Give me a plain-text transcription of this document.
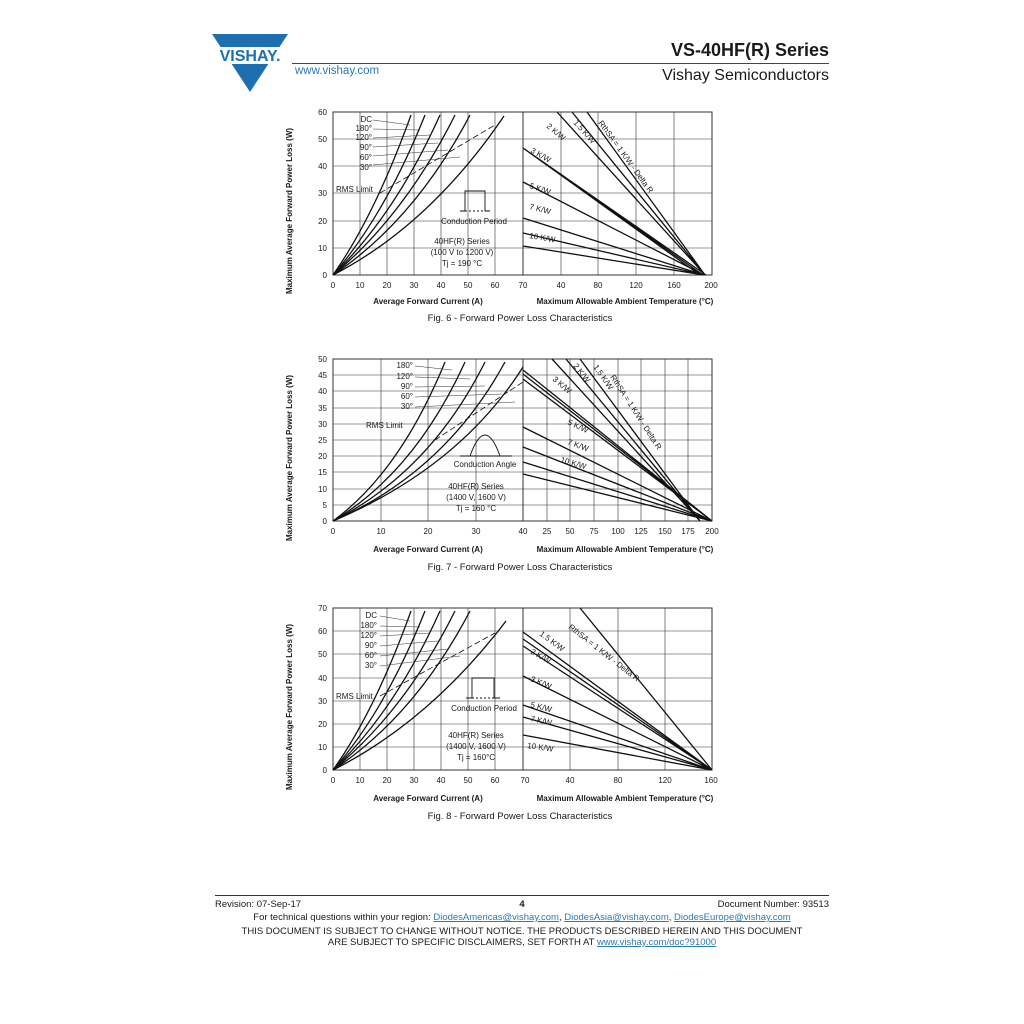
VISHAY.
www.vishay.com
VS-40HF(R) Series
Vishay Semiconductors
Maximum Average Forward Power Loss (W)	0
10
20
30
40
50
60
0	10 20 30 40 50 60 70	40	80	120	160	200
Average Forward Current (A)	Maximum Allowable Ambient Temperature (°C)
DC
180°
120°
90°
60°
30°
RMS Limit
Conduction Period
40HF(R) Series
(100 V to 1200 V)
Tj = 190 °C
RthSA = 1 K/W - Delta R
1.5 K/W
2 K/W
3 K/W
5 K/W
7 K/W
10 K/W
Fig. 6 - Forward Power Loss Characteristics
Maximum Average Forward Power Loss (W)	0
5
10
15
20
25
30
35
40
45
50
0	10	20	30	40 25 50 75 100 125 150 175 200
Average Forward Current (A)	Maximum Allowable Ambient Temperature (°C)
180°
120°
90°
60°
30°
RMS Limit
Conduction Angle
40HF(R) Series
(1400 V, 1600 V)
Tj = 160 °C
RthSA = 1 K/W - Delta R
1.5 K/W
2 K/W
3 K/W
5 K/W
7 K/W
10 K/W
Fig. 7 - Forward Power Loss Characteristics
Maximum Average Forward Power Loss (W)	0
10
20
30
40
50
60
70
0	10 20 30 40 50 60	70	40	80	120	160
Average Forward Current (A)	Maximum Allowable Ambient Temperature (°C)
DC
180°
120°
90°
60°
30°
RMS Limit
Conduction Period
40HF(R) Series
(1400 V, 1600 V)
Tj = 160°C
RthSA = 1 K/W - Delta R
1.5 K/W
2 K/W
3 K/W
5 K/W
7 K/W
10 K/W
Fig. 8 - Forward Power Loss Characteristics
Revision: 07-Sep-17	4	Document Number: 93513
For technical questions within your region: DiodesAmericas@vishay.com, DiodesAsia@vishay.com, DiodesEurope@vishay.com
THIS DOCUMENT IS SUBJECT TO CHANGE WITHOUT NOTICE. THE PRODUCTS DESCRIBED HEREIN AND THIS DOCUMENT
ARE SUBJECT TO SPECIFIC DISCLAIMERS, SET FORTH AT www.vishay.com/doc?91000
